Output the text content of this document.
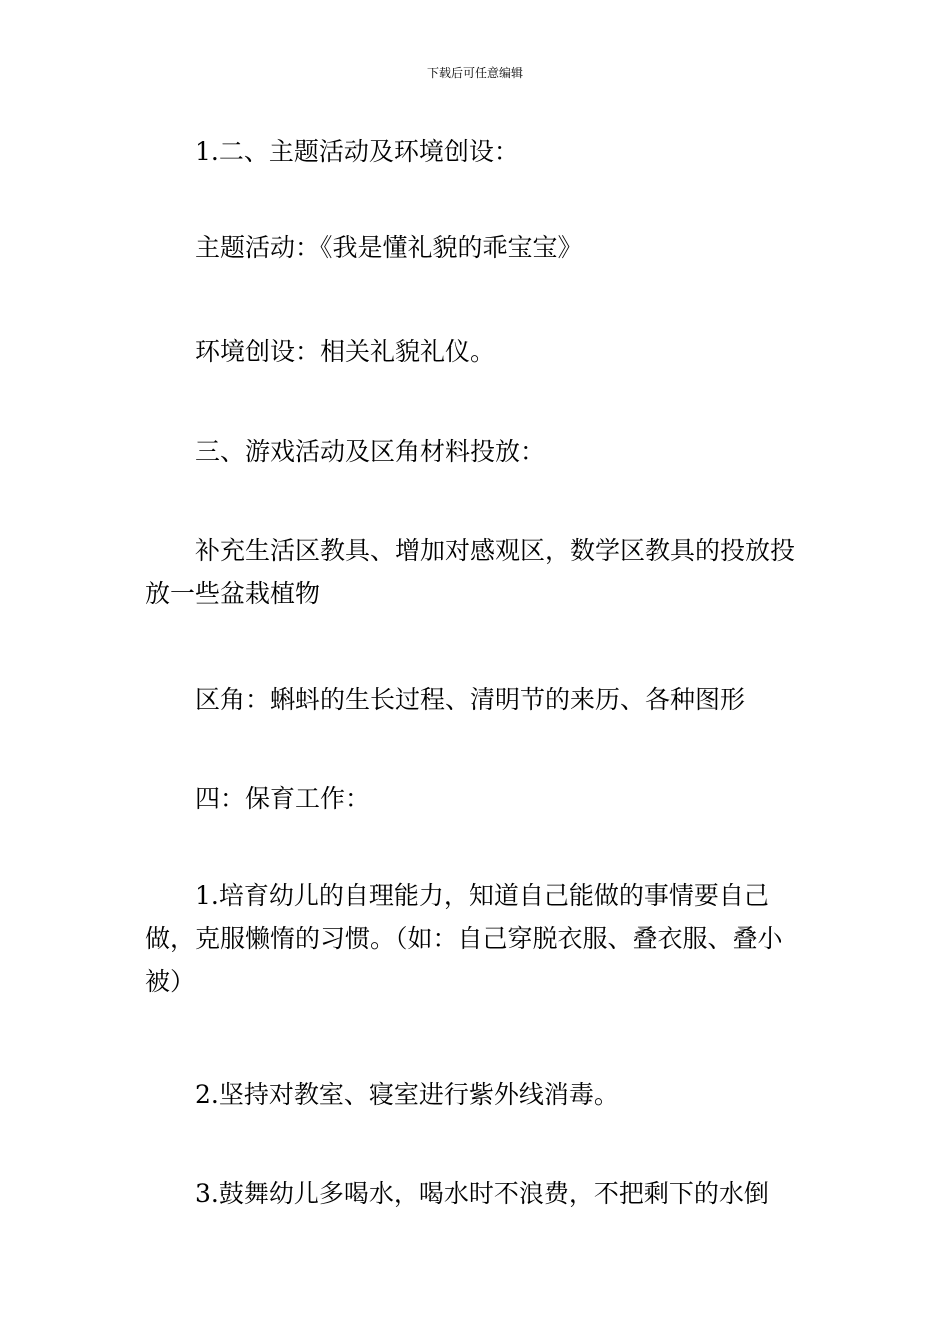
下载后可任意编辑
1.二、主题活动及环境创设：
主题活动：《我是懂礼貌的乖宝宝》
环境创设：相关礼貌礼仪。
三、游戏活动及区角材料投放：
补充生活区教具、增加对感观区，数学区教具的投放投放一些盆栽植物
区角：蝌蚪的生长过程、清明节的来历、各种图形
四：保育工作：
1.培育幼儿的自理能力，知道自己能做的事情要自己做，克服懒惰的习惯。（如：自己穿脱衣服、叠衣服、叠小被）
2.坚持对教室、寝室进行紫外线消毒。
3.鼓舞幼儿多喝水，喝水时不浪费，不把剩下的水倒
